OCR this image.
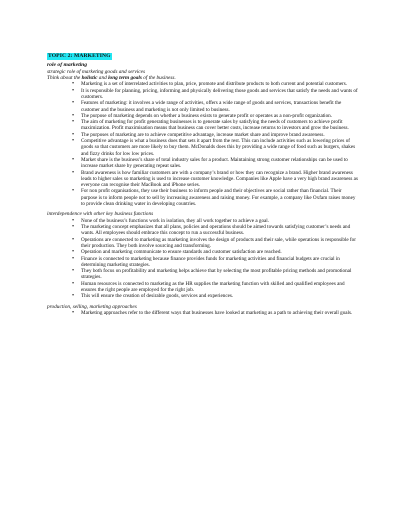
TOPIC 2: MARKETING
role of marketing
strategic role of marketing goods and services
Think about the holistic and long term goals of the business.
• Marketing is a set of interrelated activities to plan, price, promote and distribute products to both current and potential customers.
• It is responsible for planning, pricing, informing and physically delivering those goods and services that satisfy the needs and wants of customers.
• Features of marketing: it involves a wide range of activities, offers a wide range of goods and services, transactions benefit the customer and the business and marketing is not only limited to business.
• The purpose of marketing depends on whether a business exists to generate profit or operates as a non-profit organization.
• The aim of marketing for profit generating businesses is to generate sales by satisfying the needs of customers to achieve profit maximization. Profit maximisation means that business can cover better costs, increase returns to investors and grow the business.
• The purposes of marketing are to achieve competitive advantage, increase market share and improve brand awareness.
• Competitive advantage is what a business does that sets it apart from the rest. This can include activities such as lowering prices of goods so that customers are more likely to buy them. McDonalds does this by providing a wide range of food such as burgers, shakes and fizzy drinks for low low prices.
• Market share is the business’s share of total industry sales for a product. Maintaining strong customer relationships can be used to increase market share by generating repeat sales.
• Brand awareness is how familiar customers are with a company’s brand or how they can recognize a brand. Higher brand awareness leads to higher sales so marketing is used to increase customer knowledge. Companies like Apple have a very high brand awareness as everyone can recognise their MacBook and iPhone series.
• For non profit organisations, they use their business to inform people and their objectives are social rather than financial. Their purpose is to inform people not to sell by increasing awareness and raising money. For example, a company like Oxfam raises money to provide clean drinking water in developing countries.
interdependence with other key business functions
• None of the business’s functions work in isolation, they all work together to achieve a goal.
• The marketing concept emphasizes that all plans, policies and operations should be aimed towards satisfying customer’s needs and wants. All employees should embrace this concept to run a successful business.
• Operations are connected to marketing as marketing involves the design of products and their sale, while operations is responsible for their production. They both involve sourcing and transforming.
• Operation and marketing communicate to ensure standards and customer satisfaction are reached.
• Finance is connected to marketing because finance provides funds for marketing activities and financial budgets are crucial in determining marketing strategies.
• They both focus on profitability and marketing helps achieve that by selecting the most profitable pricing methods and promotional strategies.
• Human resources is connected to marketing as the HR supplies the marketing function with skilled and qualified employees and ensures the right people are employed for the right job.
• This will ensure the creation of desirable goods, services and experiences.
production, selling, marketing approaches
• Marketing approaches refer to the different ways that businesses have looked at marketing as a path to achieving their overall goals.
